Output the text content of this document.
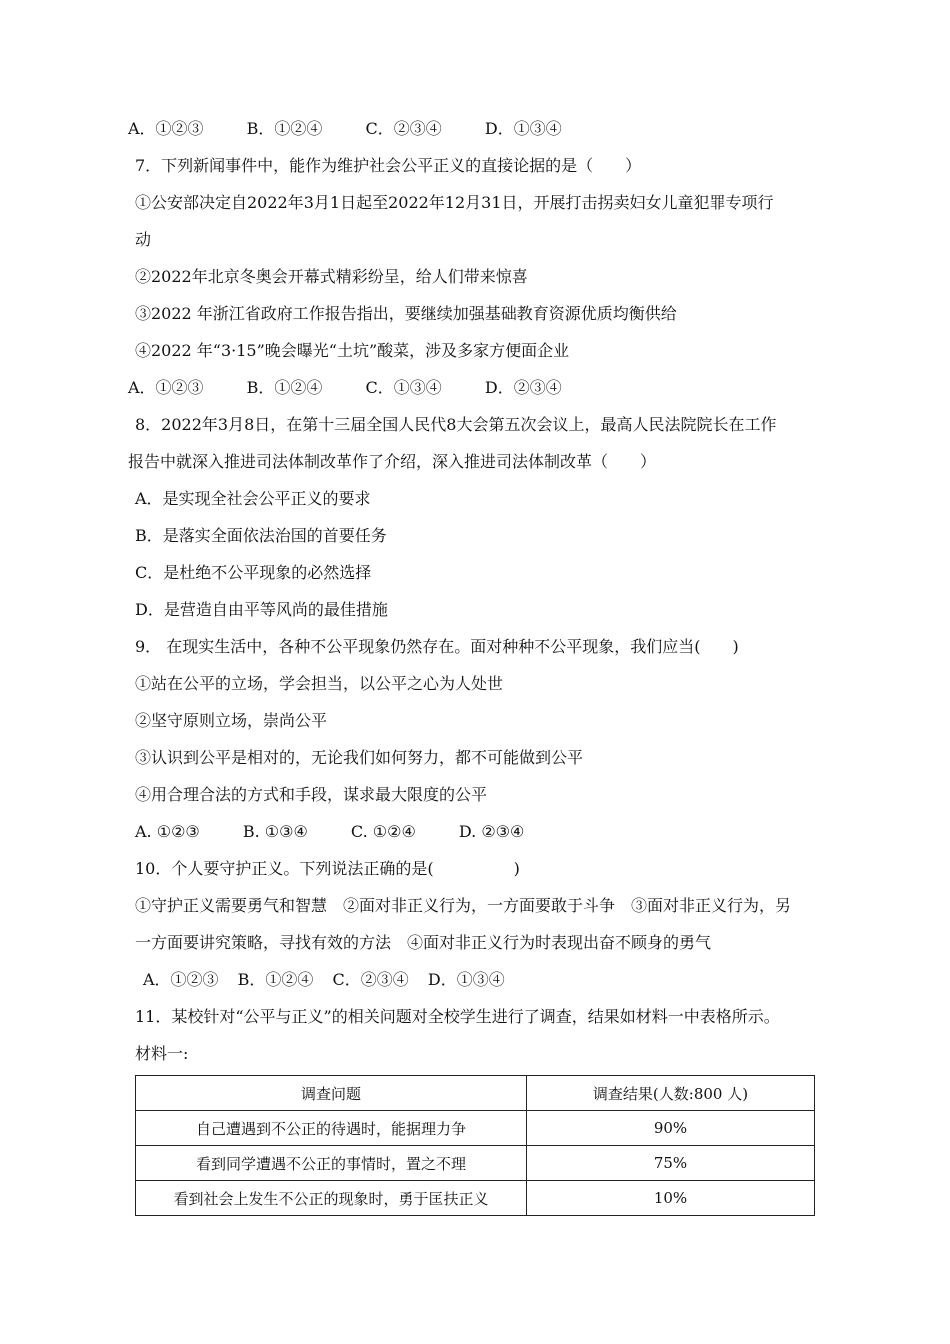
A．①②③	B．①②④	C．②③④	D．①③④
7．下列新闻事件中，能作为维护社会公平正义的直接论据的是（　　）
①公安部决定自2022年3月1日起至2022年12月31日，开展打击拐卖妇女儿童犯罪专项行
动
②2022年北京冬奥会开幕式精彩纷呈，给人们带来惊喜
③2022 年浙江省政府工作报告指出，要继续加强基础教育资源优质均衡供给
④2022 年“3·15”晚会曝光“土坑”酸菜，涉及多家方便面企业
A．①②③	B．①②④	C．①③④	D．②③④
8．2022年3月8日，在第十三届全国人民代8大会第五次会议上，最高人民法院院长在工作
报告中就深入推进司法体制改革作了介绍，深入推进司法体制改革（　　）
A．是实现全社会公平正义的要求
B．是落实全面依法治国的首要任务
C．是杜绝不公平现象的必然选择
D．是营造自由平等风尚的最佳措施
9． 在现实生活中，各种不公平现象仍然存在。面对种种不公平现象，我们应当(　　)
①站在公平的立场，学会担当，以公平之心为人处世
②坚守原则立场，崇尚公平
③认识到公平是相对的，无论我们如何努力，都不可能做到公平
④用合理合法的方式和手段，谋求最大限度的公平
A. ①②③	B. ①③④	C. ①②④	D. ②③④
10．个人要守护正义。下列说法正确的是(　　　　　)
①守护正义需要勇气和智慧　②面对非正义行为，一方面要敢于斗争　③面对非正义行为，另
一方面要讲究策略，寻找有效的方法　④面对非正义行为时表现出奋不顾身的勇气
A．①②③ B．①②④ C．②③④ D．①③④
11．某校针对“公平与正义”的相关问题对全校学生进行了调查，结果如材料一中表格所示。
材料一:
调查问题	调查结果(人数:800 人)
自己遭遇到不公正的待遇时，能据理力争	90%
看到同学遭遇不公正的事情时，置之不理	75%
看到社会上发生不公正的现象时，勇于匡扶正义	10%
